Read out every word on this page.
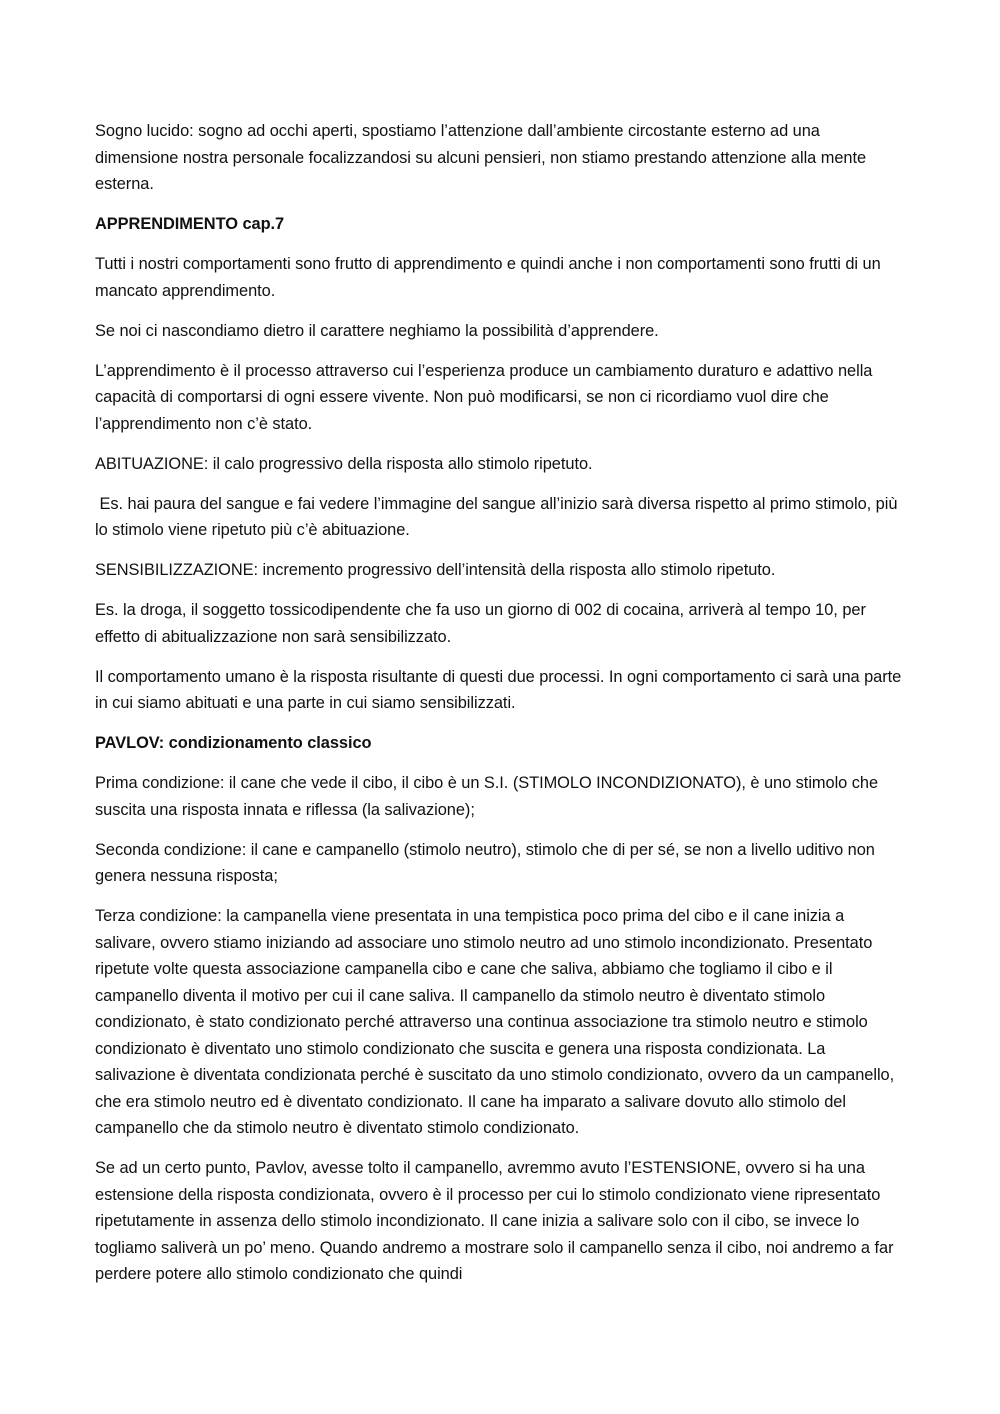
Sogno lucido: sogno ad occhi aperti, spostiamo l’attenzione dall’ambiente circostante esterno ad una dimensione nostra personale focalizzandosi su alcuni pensieri, non stiamo prestando attenzione alla mente esterna.

APPRENDIMENTO cap.7

Tutti i nostri comportamenti sono frutto di apprendimento e quindi anche i non comportamenti sono frutti di un mancato apprendimento.

Se noi ci nascondiamo dietro il carattere neghiamo la possibilità d’apprendere.

L’apprendimento è il processo attraverso cui l’esperienza produce un cambiamento duraturo e adattivo nella capacità di comportarsi di ogni essere vivente. Non può modificarsi, se non ci ricordiamo vuol dire che l’apprendimento non c’è stato.

ABITUAZIONE: il calo progressivo della risposta allo stimolo ripetuto.

Es. hai paura del sangue e fai vedere l’immagine del sangue all’inizio sarà diversa rispetto al primo stimolo, più lo stimolo viene ripetuto più c’è abituazione.

SENSIBILIZZAZIONE: incremento progressivo dell’intensità della risposta allo stimolo ripetuto.

Es. la droga, il soggetto tossicodipendente che fa uso un giorno di 002 di cocaina, arriverà al tempo 10, per effetto di abitualizzazione non sarà sensibilizzato.

Il comportamento umano è la risposta risultante di questi due processi. In ogni comportamento ci sarà una parte in cui siamo abituati e una parte in cui siamo sensibilizzati.

PAVLOV: condizionamento classico

Prima condizione: il cane che vede il cibo, il cibo è un S.I. (STIMOLO INCONDIZIONATO), è uno stimolo che suscita una risposta innata e riflessa (la salivazione);

Seconda condizione: il cane e campanello (stimolo neutro), stimolo che di per sé, se non a livello uditivo non genera nessuna risposta;

Terza condizione: la campanella viene presentata in una tempistica poco prima del cibo e il cane inizia a salivare, ovvero stiamo iniziando ad associare uno stimolo neutro ad uno stimolo incondizionato. Presentato ripetute volte questa associazione campanella cibo e cane che saliva, abbiamo che togliamo il cibo e il campanello diventa il motivo per cui il cane saliva. Il campanello da stimolo neutro è diventato stimolo condizionato, è stato condizionato perché attraverso una continua associazione tra stimolo neutro e stimolo condizionato è diventato uno stimolo condizionato che suscita e genera una risposta condizionata. La salivazione è diventata condizionata perché è suscitato da uno stimolo condizionato, ovvero da un campanello, che era stimolo neutro ed è diventato condizionato. Il cane ha imparato a salivare dovuto allo stimolo del campanello che da stimolo neutro è diventato stimolo condizionato.

Se ad un certo punto, Pavlov, avesse tolto il campanello, avremmo avuto l’ESTENSIONE, ovvero si ha una estensione della risposta condizionata, ovvero è il processo per cui lo stimolo condizionato viene ripresentato ripetutamente in assenza dello stimolo incondizionato. Il cane inizia a salivare solo con il cibo, se invece lo togliamo saliverà un po’ meno. Quando andremo a mostrare solo il campanello senza il cibo, noi andremo a far perdere potere allo stimolo condizionato che quindi
